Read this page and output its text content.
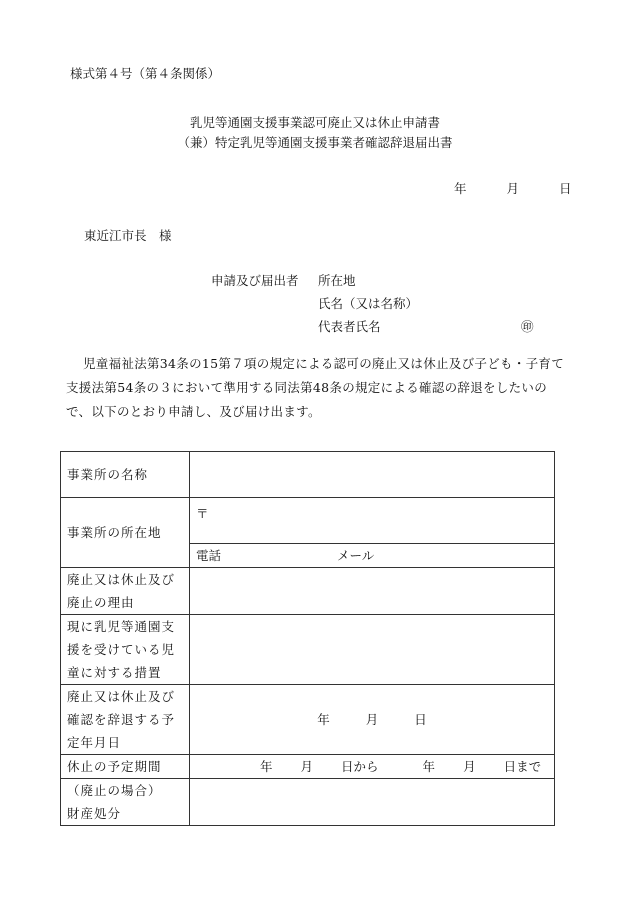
様式第４号（第４条関係）
乳児等通園支援事業認可廃止又は休止申請書
（兼）特定乳児等通園支援事業者確認辞退届出書
年	月	日
東近江市長　様
申請及び届出者 所在地
氏名（又は名称）
代表者氏名	㊞
児童福祉法第34条の15第７項の規定による認可の廃止又は休止及び子ども・子育て支援法第54条の３において準用する同法第48条の規定による確認の辞退をしたいので、以下のとおり申請し、及び届け出ます。
事業所の名称	
事業所の所在地	〒
	電話 メール
廃止又は休止及び廃止の理由	
現に乳児等通園支援を受けている児童に対する措置	
廃止又は休止及び確認を辞退する予定年月日	年 月 日
休止の予定期間	年 月 日から 年 月 日まで

（廃止の場合）
財産処分	
